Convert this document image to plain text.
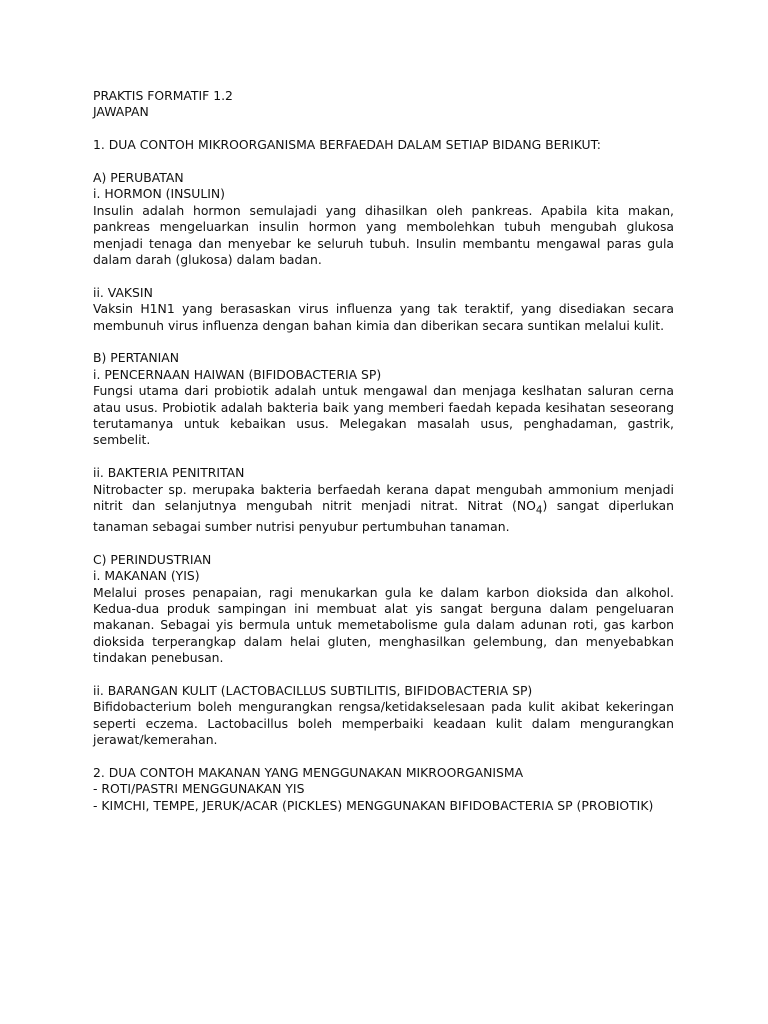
PRAKTIS FORMATIF 1.2

JAWAPAN

1. DUA CONTOH MIKROORGANISMA BERFAEDAH DALAM SETIAP BIDANG BERIKUT:

A) PERUBATAN

i. HORMON (INSULIN)

Insulin adalah hormon semulajadi yang dihasilkan oleh pankreas. Apabila kita makan, pankreas mengeluarkan insulin hormon yang membolehkan tubuh mengubah glukosa menjadi tenaga dan menyebar ke seluruh tubuh. Insulin membantu mengawal paras gula dalam darah (glukosa) dalam badan.

ii. VAKSIN

Vaksin H1N1 yang berasaskan virus influenza yang tak teraktif, yang disediakan secara membunuh virus influenza dengan bahan kimia dan diberikan secara suntikan melalui kulit.

B) PERTANIAN

i. PENCERNAAN HAIWAN (BIFIDOBACTERIA SP)

Fungsi utama dari probiotik adalah untuk mengawal dan menjaga keslhatan saluran cerna atau usus. Probiotik adalah bakteria baik yang memberi faedah kepada kesihatan seseorang terutamanya untuk kebaikan usus. Melegakan masalah usus, penghadaman, gastrik, sembelit.

ii. BAKTERIA PENITRITAN

Nitrobacter sp. merupaka bakteria berfaedah kerana dapat mengubah ammonium menjadi nitrit dan selanjutnya mengubah nitrit menjadi nitrat. Nitrat $(NO_4)$ sangat diperlukan tanaman sebagai sumber nutrisi penyubur pertumbuhan tanaman.

C) PERINDUSTRIAN

i. MAKANAN (YIS)

Melalui proses penapaian, ragi menukarkan gula ke dalam karbon dioksida dan alkohol. Kedua-dua produk sampingan ini membuat alat yis sangat berguna dalam pengeluaran makanan. Sebagai yis bermula untuk memetabolisme gula dalam adunan roti, gas karbon dioksida terperangkap dalam helai gluten, menghasilkan gelembung, dan menyebabkan tindakan penebusan.

ii. BARANGAN KULIT (LACTOBACILLUS SUBTILITIS, BIFIDOBACTERIA SP)

Bifidobacterium boleh mengurangkan rengsa/ketidakselesaan pada kulit akibat kekeringan seperti eczema. Lactobacillus boleh memperbaiki keadaan kulit dalam mengurangkan jerawat/kemerahan.

2. DUA CONTOH MAKANAN YANG MENGGUNAKAN MIKROORGANISMA

- ROTI/PASTRI MENGGUNAKAN YIS

- KIMCHI, TEMPE, JERUK/ACAR (PICKLES) MENGGUNAKAN BIFIDOBACTERIA SP (PROBIOTIK)
